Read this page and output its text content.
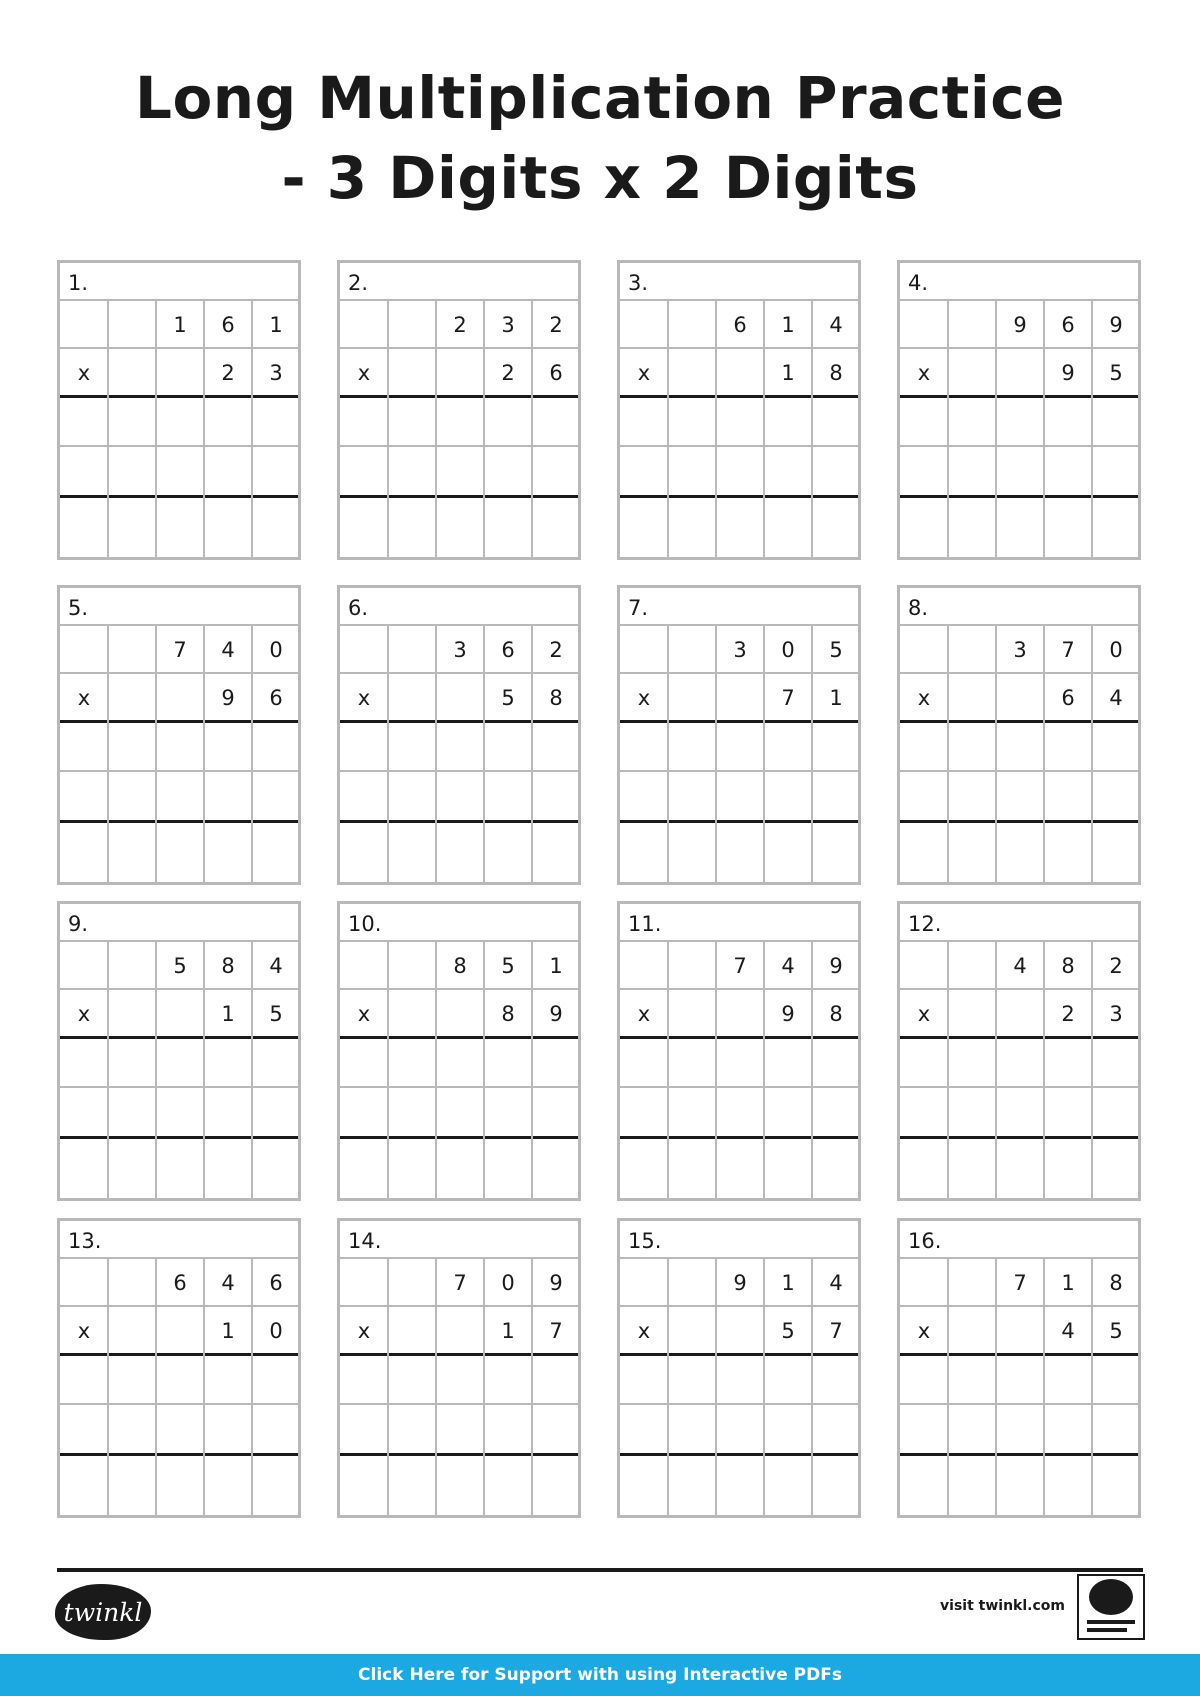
Long Multiplication Practice
- 3 Digits x 2 Digits
1.
1	6	1
x	2	3
2.
2	3	2
x	2	6
3.
6	1	4
x	1	8
4.
9	6	9
x	9	5
5.
7	4	0
x	9	6
6.
3	6	2
x	5	8
7.
3	0	5
x	7	1
8.
3	7	0
x	6	4
9.
5	8	4
x	1	5
10.
8	5	1
x	8	9
11.
7	4	9
x	9	8
12.
4	8	2
x	2	3
13.
6	4	6
x	1	0
14.
7	0	9
x	1	7
15.
9	1	4
x	5	7
16.
7	1	8
x	4	5
twinkl	visit twinkl.com
Click Here for Support with using Interactive PDFs
